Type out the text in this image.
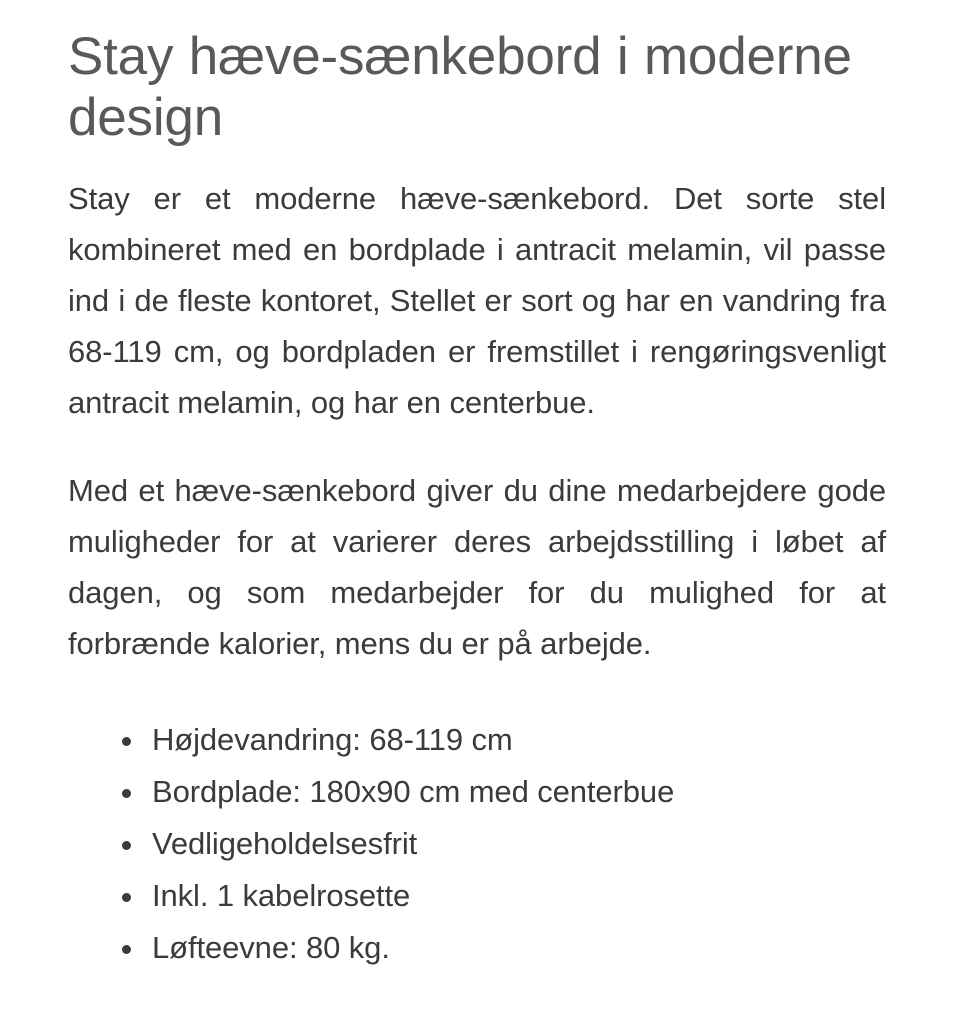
Stay hæve-sænkebord i moderne design

Stay er et moderne hæve-sænkebord. Det sorte stel kombineret med en bordplade i antracit melamin, vil passe ind i de fleste kontoret, Stellet er sort og har en vandring fra 68-119 cm, og bordpladen er fremstillet i rengøringsvenligt antracit melamin, og har en centerbue.

Med et hæve-sænkebord giver du dine medarbejdere gode muligheder for at varierer deres arbejdsstilling i løbet af dagen, og som medarbejder for du mulighed for at forbrænde kalorier, mens du er på arbejde.

Højdevandring: 68-119 cm
Bordplade: 180x90 cm med centerbue
Vedligeholdelsesfrit
Inkl. 1 kabelrosette
Løfteevne: 80 kg.
